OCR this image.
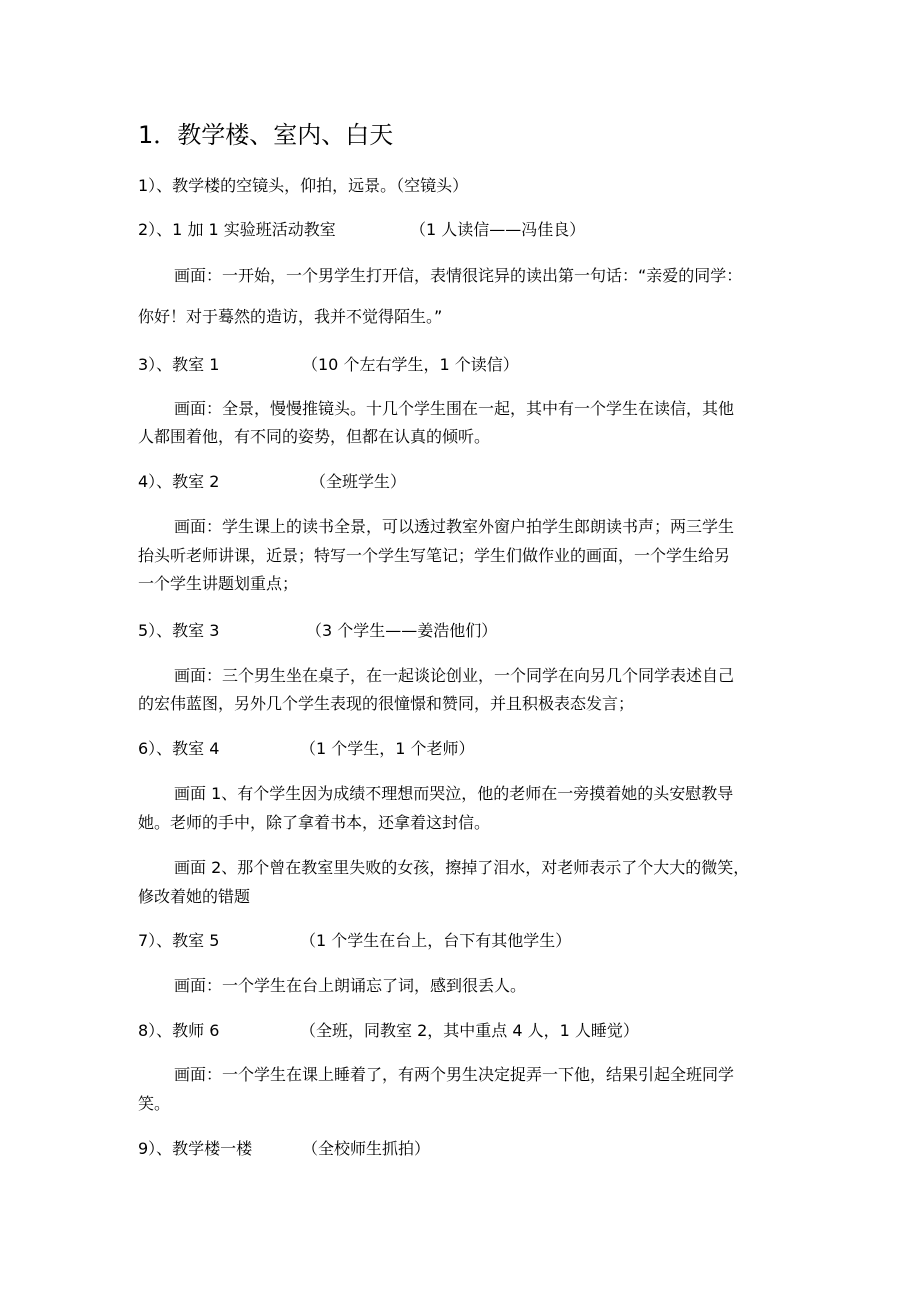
1．教学楼、室内、白天
1）、教学楼的空镜头，仰拍，远景。（空镜头）
2）、1 加 1 实验班活动教室	（1 人读信——冯佳良）
画面：一开始，一个男学生打开信，表情很诧异的读出第一句话：“亲爱的同学：
你好！对于蓦然的造访，我并不觉得陌生。”
3）、教室 1	（10 个左右学生，1 个读信）
画面：全景，慢慢推镜头。十几个学生围在一起，其中有一个学生在读信，其他
人都围着他，有不同的姿势，但都在认真的倾听。
4）、教室 2	（全班学生）
画面：学生课上的读书全景，可以透过教室外窗户拍学生郎朗读书声；两三学生
抬头听老师讲课，近景；特写一个学生写笔记；学生们做作业的画面，一个学生给另
一个学生讲题划重点；
5）、教室 3	（3 个学生——姜浩他们）
画面：三个男生坐在桌子，在一起谈论创业，一个同学在向另几个同学表述自己
的宏伟蓝图，另外几个学生表现的很憧憬和赞同，并且积极表态发言；
6）、教室 4	（1 个学生，1 个老师）
画面 1、有个学生因为成绩不理想而哭泣，他的老师在一旁摸着她的头安慰教导
她。老师的手中，除了拿着书本，还拿着这封信。
画面 2、那个曾在教室里失败的女孩，擦掉了泪水，对老师表示了个大大的微笑，
修改着她的错题
7）、教室 5	（1 个学生在台上，台下有其他学生）
画面：一个学生在台上朗诵忘了词，感到很丢人。
8）、教师 6	（全班，同教室 2，其中重点 4 人，1 人睡觉）
画面：一个学生在课上睡着了，有两个男生决定捉弄一下他，结果引起全班同学
笑。
9）、教学楼一楼	（全校师生抓拍）
